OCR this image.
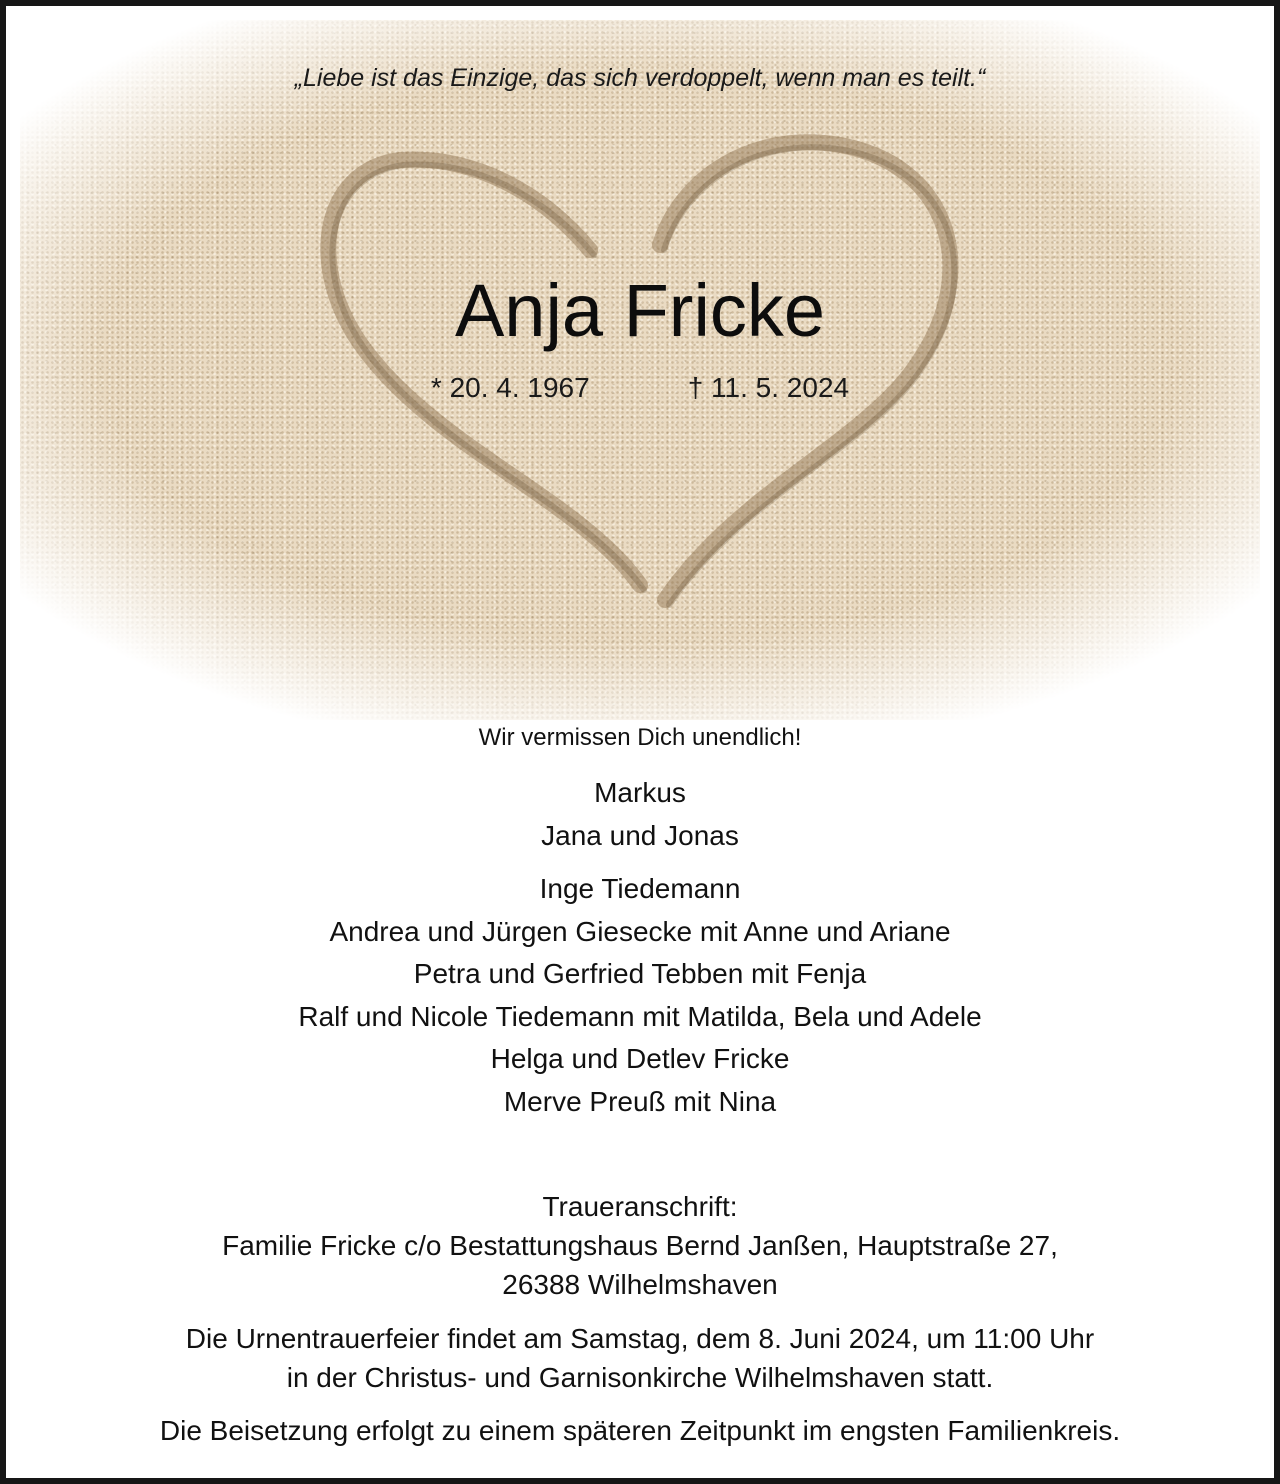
„Liebe ist das Einzige, das sich verdoppelt, wenn man es teilt.“
Anja Fricke
* 20. 4. 1967	† 11. 5. 2024
Wir vermissen Dich unendlich!
Markus
Jana und Jonas
Inge Tiedemann
Andrea und Jürgen Giesecke mit Anne und Ariane
Petra und Gerfried Tebben mit Fenja
Ralf und Nicole Tiedemann mit Matilda, Bela und Adele
Helga und Detlev Fricke
Merve Preuß mit Nina
Traueranschrift:
Familie Fricke c/o Bestattungshaus Bernd Janßen, Hauptstraße 27,
26388 Wilhelmshaven
Die Urnentrauerfeier findet am Samstag, dem 8. Juni 2024, um 11:00 Uhr
in der Christus- und Garnisonkirche Wilhelmshaven statt.
Die Beisetzung erfolgt zu einem späteren Zeitpunkt im engsten Familienkreis.
